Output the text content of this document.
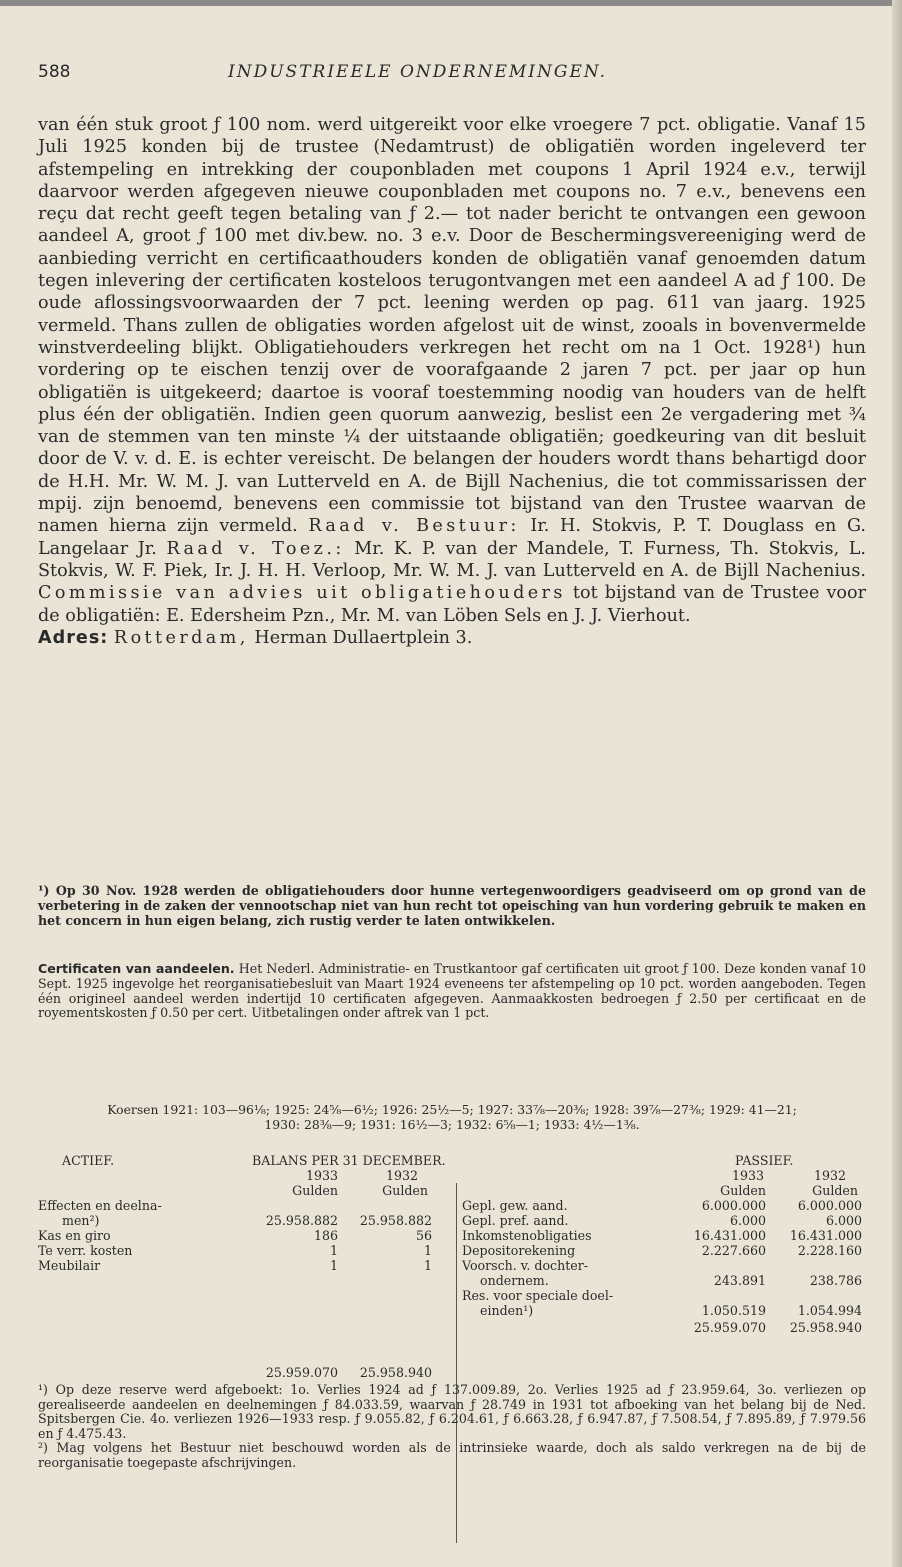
588	INDUSTRIEELE ONDERNEMINGEN.

van één stuk groot ƒ 100 nom. werd uitgereikt voor elke vroegere 7 pct. obligatie. Vanaf 15 Juli 1925 konden bij de trustee (Nedamtrust) de obligatiën worden ingeleverd ter afstempeling en intrekking der couponbladen met coupons 1 April 1924 e.v., terwijl daarvoor werden afgegeven nieuwe couponbladen met coupons no. 7 e.v., benevens een reçu dat recht geeft tegen betaling van ƒ 2.— tot nader bericht te ontvangen een gewoon aandeel A, groot ƒ 100 met div.bew. no. 3 e.v. Door de Beschermingsvereeniging werd de aanbieding verricht en certificaathouders konden de obligatiën vanaf genoemden datum tegen inlevering der certificaten kosteloos terugontvangen met een aandeel A ad ƒ 100. De oude aflossingsvoorwaarden der 7 pct. leening werden op pag. 611 van jaarg. 1925 vermeld. Thans zullen de obligaties worden afgelost uit de winst, zooals in bovenvermelde winstverdeeling blijkt. Obligatiehouders verkregen het recht om na 1 Oct. 1928¹) hun vordering op te eischen tenzij over de voorafgaande 2 jaren 7 pct. per jaar op hun obligatiën is uitgekeerd; daartoe is vooraf toestemming noodig van houders van de helft plus één der obligatiën. Indien geen quorum aanwezig, beslist een 2e vergadering met ¾ van de stemmen van ten minste ¼ der uitstaande obligatiën; goedkeuring van dit besluit door de V. v. d. E. is echter vereischt. De belangen der houders wordt thans behartigd door de H.H. Mr. W. M. J. van Lutterveld en A. de Bijll Nachenius, die tot commissarissen der mpij. zijn benoemd, benevens een commissie tot bijstand van den Trustee waarvan de namen hierna zijn vermeld. Raad v. Bestuur: Ir. H. Stokvis, P. T. Douglass en G. Langelaar Jr. Raad v. Toez.: Mr. K. P. van der Mandele, T. Furness, Th. Stokvis, L. Stokvis, W. F. Piek, Ir. J. H. H. Verloop, Mr. W. M. J. van Lutterveld en A. de Bijll Nachenius. Commissie van advies uit obligatiehouders tot bijstand van de Trustee voor de obligatiën: E. Edersheim Pzn., Mr. M. van Löben Sels en J. J. Vierhout.

Adres: Rotterdam, Herman Dullaertplein 3.

¹) Op 30 Nov. 1928 werden de obligatiehouders door hunne vertegenwoordigers geadviseerd om op grond van de verbetering in de zaken der vennootschap niet van hun recht tot opeisching van hun vordering gebruik te maken en het concern in hun eigen belang, zich rustig verder te laten ontwikkelen.
Certificaten van aandeelen. Het Nederl. Administratie- en Trustkantoor gaf certificaten uit groot ƒ 100. Deze konden vanaf 10 Sept. 1925 ingevolge het reorganisatiebesluit van Maart 1924 eveneens ter afstempeling op 10 pct. worden aangeboden. Tegen één origineel aandeel werden indertijd 10 certificaten afgegeven. Aanmaakkosten bedroegen ƒ 2.50 per certificaat en de royementskosten ƒ 0.50 per cert. Uitbetalingen onder aftrek van 1 pct.
Koersen 1921: 103—96⅛; 1925: 24⅝—6½; 1926: 25½—5; 1927: 33⅞—20⅜; 1928: 39⅞—27⅜; 1929: 41—21;
1930: 28⅜—9; 1931: 16½—3; 1932: 6⅝—1; 1933: 4½—1⅜.
ACTIEF.	BALANS PER 31 DECEMBER.	PASSIEF.
1933	1932
Gulden	Gulden
Effecten en deelna-
men²)	25.958.882	25.958.882
Kas en giro	186	56
Te verr. kosten	1	1
Meubilair	1	1
25.959.070	25.958.940
1933	1932
Gulden	Gulden
Gepl. gew. aand.	6.000.000	6.000.000
Gepl. pref. aand.	6.000	6.000
Inkomstenobligaties	16.431.000	16.431.000
Depositorekening	2.227.660	2.228.160
Voorsch. v. dochter-
ondernem.	243.891	238.786
Res. voor speciale doel-
einden¹)	1.050.519	1.054.994
25.959.070	25.958.940
¹) Op deze reserve werd afgeboekt: 1o. Verlies 1924 ad ƒ 137.009.89, 2o. Verlies 1925 ad ƒ 23.959.64, 3o. verliezen op gerealiseerde aandeelen en deelnemingen ƒ 84.033.59, waarvan ƒ 28.749 in 1931 tot afboeking van het belang bij de Ned. Spitsbergen Cie. 4o. verliezen 1926—1933 resp. ƒ 9.055.82, ƒ 6.204.61, ƒ 6.663.28, ƒ 6.947.87, ƒ 7.508.54, ƒ 7.895.89, ƒ 7.979.56 en ƒ 4.475.43.
²) Mag volgens het Bestuur niet beschouwd worden als de intrinsieke waarde, doch als saldo verkregen na de bij de reorganisatie toegepaste afschrijvingen.
